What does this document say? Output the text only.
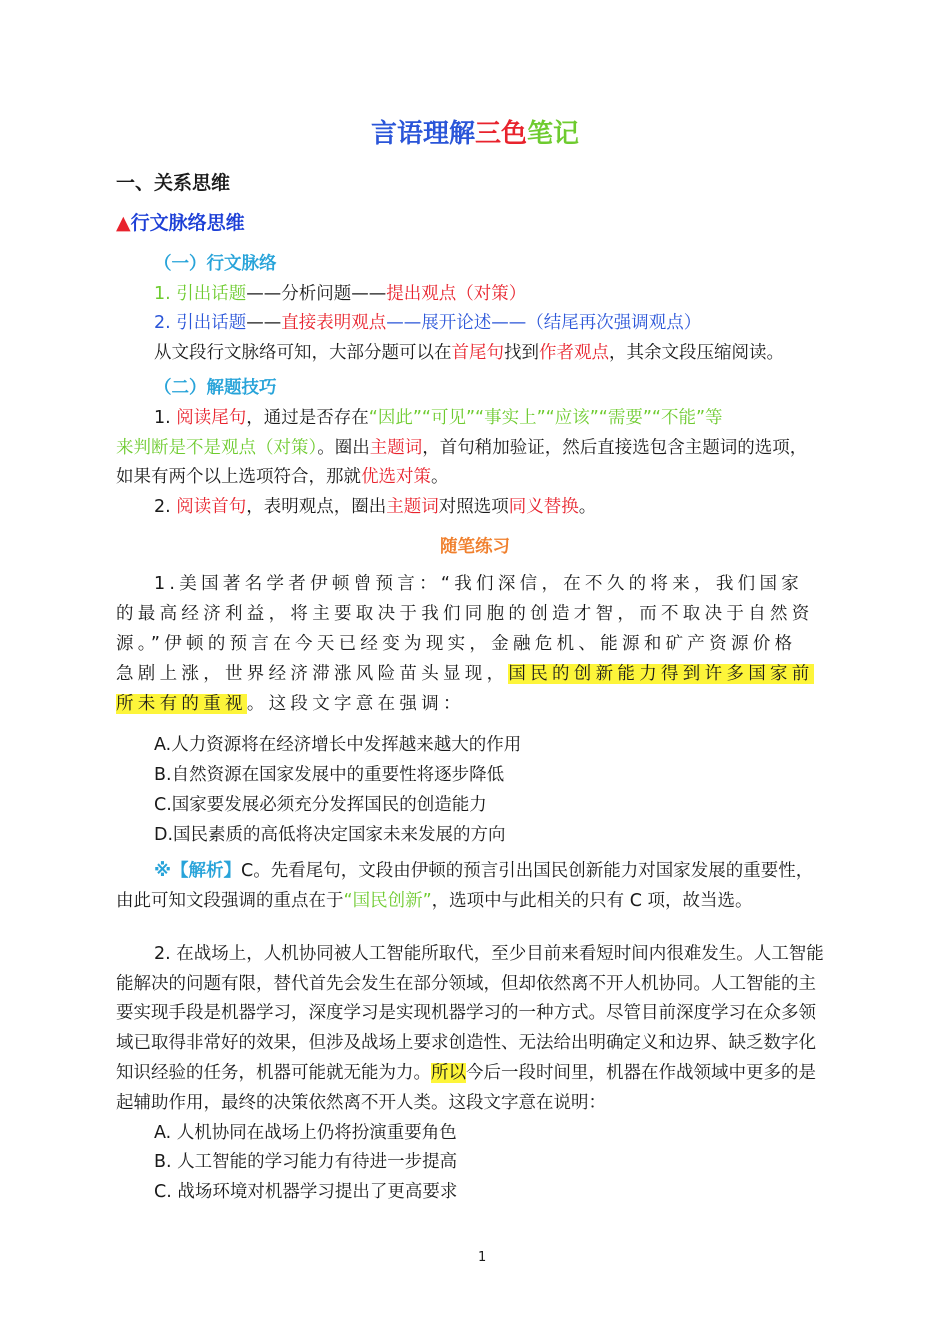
言语理解三色笔记
一、关系思维
▲行文脉络思维
（一）行文脉络
1. 引出话题——分析问题——提出观点（对策）
2. 引出话题——直接表明观点——展开论述——（结尾再次强调观点）
从文段行文脉络可知，大部分题可以在首尾句找到作者观点，其余文段压缩阅读。
（二）解题技巧
1. 阅读尾句，通过是否存在“因此”“可见”“事实上”“应该”“需要”“不能”等
来判断是不是观点（对策）。圈出主题词，首句稍加验证，然后直接选包含主题词的选项，
如果有两个以上选项符合，那就优选对策。
2. 阅读首句，表明观点，圈出主题词对照选项同义替换。
随笔练习
1.美国著名学者伊顿曾预言：“我们深信，在不久的将来，我们国家
的最高经济利益，将主要取决于我们同胞的创造才智，而不取决于自然资
源。”伊顿的预言在今天已经变为现实，金融危机、能源和矿产资源价格
急剧上涨，世界经济滞涨风险苗头显现，国民的创新能力得到许多国家前
所未有的重视。这段文字意在强调：
A.人力资源将在经济增长中发挥越来越大的作用
B.自然资源在国家发展中的重要性将逐步降低
C.国家要发展必须充分发挥国民的创造能力
D.国民素质的高低将决定国家未来发展的方向
※【解析】C。先看尾句，文段由伊顿的预言引出国民创新能力对国家发展的重要性，
由此可知文段强调的重点在于“国民创新”，选项中与此相关的只有 C 项，故当选。
2. 在战场上，人机协同被人工智能所取代，至少目前来看短时间内很难发生。人工智能
能解决的问题有限，替代首先会发生在部分领域，但却依然离不开人机协同。人工智能的主
要实现手段是机器学习，深度学习是实现机器学习的一种方式。尽管目前深度学习在众多领
域已取得非常好的效果，但涉及战场上要求创造性、无法给出明确定义和边界、缺乏数字化
知识经验的任务，机器可能就无能为力。所以今后一段时间里，机器在作战领域中更多的是
起辅助作用，最终的决策依然离不开人类。这段文字意在说明：
A. 人机协同在战场上仍将扮演重要角色
B. 人工智能的学习能力有待进一步提高
C. 战场环境对机器学习提出了更高要求
1
